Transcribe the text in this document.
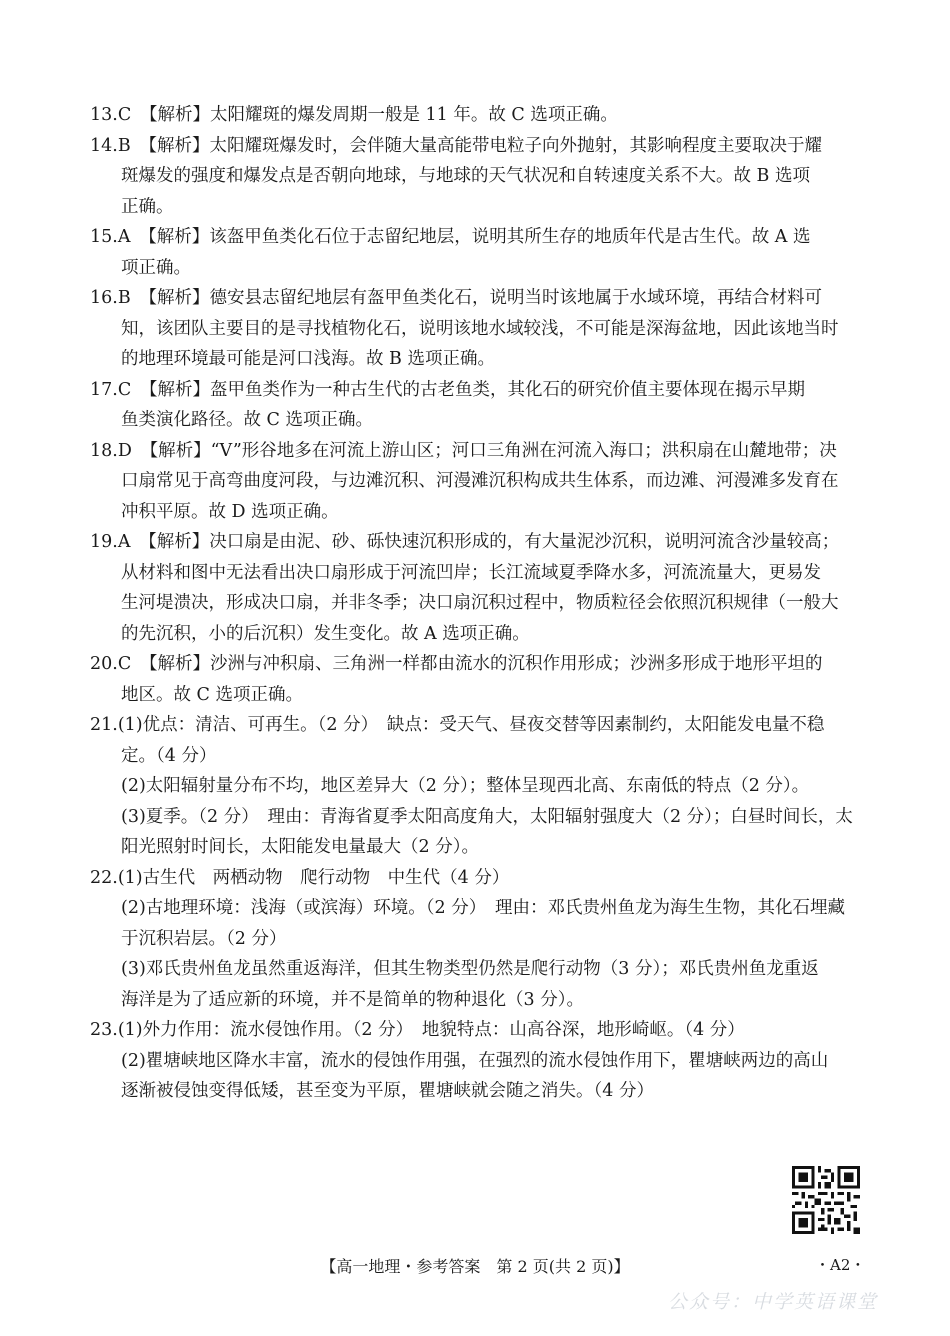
13.C　【解析】太阳耀斑的爆发周期一般是 11 年。故 C 选项正确。
14.B　【解析】太阳耀斑爆发时，会伴随大量高能带电粒子向外抛射，其影响程度主要取决于耀
斑爆发的强度和爆发点是否朝向地球，与地球的天气状况和自转速度关系不大。故 B 选项
正确。
15.A　【解析】该盔甲鱼类化石位于志留纪地层，说明其所生存的地质年代是古生代。故 A 选
项正确。
16.B　【解析】德安县志留纪地层有盔甲鱼类化石，说明当时该地属于水域环境，再结合材料可
知，该团队主要目的是寻找植物化石，说明该地水域较浅，不可能是深海盆地，因此该地当时
的地理环境最可能是河口浅海。故 B 选项正确。
17.C　【解析】盔甲鱼类作为一种古生代的古老鱼类，其化石的研究价值主要体现在揭示早期
鱼类演化路径。故 C 选项正确。
18.D　【解析】“V”形谷地多在河流上游山区；河口三角洲在河流入海口；洪积扇在山麓地带；决
口扇常见于高弯曲度河段，与边滩沉积、河漫滩沉积构成共生体系，而边滩、河漫滩多发育在
冲积平原。故 D 选项正确。
19.A　【解析】决口扇是由泥、砂、砾快速沉积形成的，有大量泥沙沉积，说明河流含沙量较高；
从材料和图中无法看出决口扇形成于河流凹岸；长江流域夏季降水多，河流流量大，更易发
生河堤溃决，形成决口扇，并非冬季；决口扇沉积过程中，物质粒径会依照沉积规律（一般大
的先沉积，小的后沉积）发生变化。故 A 选项正确。
20.C　【解析】沙洲与冲积扇、三角洲一样都由流水的沉积作用形成；沙洲多形成于地形平坦的
地区。故 C 选项正确。
21.(1)优点：清洁、可再生。（2 分）　缺点：受天气、昼夜交替等因素制约，太阳能发电量不稳
定。（4 分）
(2)太阳辐射量分布不均，地区差异大（2 分）；整体呈现西北高、东南低的特点（2 分）。
(3)夏季。（2 分）　理由：青海省夏季太阳高度角大，太阳辐射强度大（2 分）；白昼时间长，太
阳光照射时间长，太阳能发电量最大（2 分）。
22.(1)古生代　两栖动物　爬行动物　中生代（4 分）
(2)古地理环境：浅海（或滨海）环境。（2 分）　理由：邓氏贵州鱼龙为海生生物，其化石埋藏
于沉积岩层。（2 分）
(3)邓氏贵州鱼龙虽然重返海洋，但其生物类型仍然是爬行动物（3 分）；邓氏贵州鱼龙重返
海洋是为了适应新的环境，并不是简单的物种退化（3 分）。
23.(1)外力作用：流水侵蚀作用。（2 分）　地貌特点：山高谷深，地形崎岖。（4 分）
(2)瞿塘峡地区降水丰富，流水的侵蚀作用强，在强烈的流水侵蚀作用下，瞿塘峡两边的高山
逐渐被侵蚀变得低矮，甚至变为平原，瞿塘峡就会随之消失。（4 分）
【高一地理・参考答案　第 2 页(共 2 页)】	・A2・
公众号：中学英语课堂
